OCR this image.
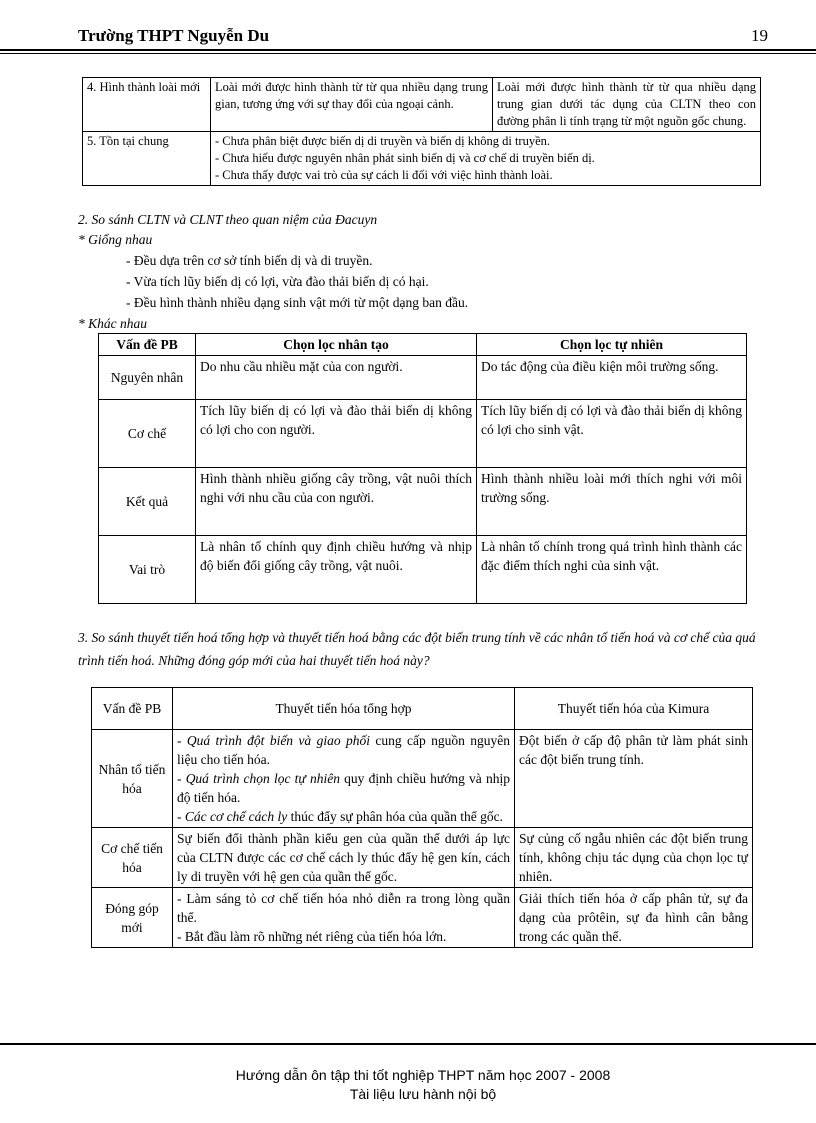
Trường THPT Nguyễn Du	19
4. Hình thành loài mới	Loài mới được hình thành từ từ qua nhiều dạng trung gian, tương ứng với sự thay đổi của ngoại cảnh.	Loài mới được hình thành từ từ qua nhiều dạng trung gian dưới tác dụng của CLTN theo con đường phân li tính trạng từ một nguồn gốc chung.
5. Tồn tại chung	- Chưa phân biệt được biến dị di truyền và biến dị không di truyền.
- Chưa hiểu được nguyên nhân phát sinh biến dị và cơ chế di truyền biến dị.
- Chưa thấy được vai trò của sự cách li đối với việc hình thành loài.	
2. So sánh CLTN và CLNT theo quan niệm của Đacuyn
* Giống nhau
- Đều dựa trên cơ sở tính biến dị và di truyền.
- Vừa tích lũy biến dị có lợi, vừa đào thải biến dị có hại.
- Đều hình thành nhiều dạng sinh vật mới từ một dạng ban đầu.
* Khác nhau
Vấn đề PB	Chọn lọc nhân tạo	Chọn lọc tự nhiên
Nguyên nhân	Do nhu cầu nhiều mặt của con người.	Do tác động của điều kiện môi trường sống.
Cơ chế	Tích lũy biến dị có lợi và đào thải biến dị không có lợi cho con người.	Tích lũy biến dị có lợi và đào thải biến dị không có lợi cho sinh vật.
Kết quả	Hình thành nhiều giống cây trồng, vật nuôi thích nghi với nhu cầu của con người.	Hình thành nhiều loài mới thích nghi với môi trường sống.
Vai trò	Là nhân tố chính quy định chiều hướng và nhịp độ biến đổi giống cây trồng, vật nuôi.	Là nhân tố chính trong quá trình hình thành các đặc điểm thích nghi của sinh vật.
3. So sánh thuyết tiến hoá tổng hợp và thuyết tiến hoá bằng các đột biến trung tính về các nhân tố tiến hoá và cơ chế của quá trình tiến hoá. Những đóng góp mới của hai thuyết tiến hoá này?
Vấn đề PB	Thuyết tiến hóa tổng hợp	Thuyết tiến hóa của Kimura
Nhân tố tiến hóa	- Quá trình đột biến và giao phối cung cấp nguồn nguyên liệu cho tiến hóa.
- Quá trình chọn lọc tự nhiên quy định chiều hướng và nhịp độ tiến hóa.
- Các cơ chế cách ly thúc đẩy sự phân hóa của quần thể gốc.	Đột biến ở cấp độ phân tử làm phát sinh các đột biến trung tính.
Cơ chế tiến hóa	Sự biến đổi thành phần kiểu gen của quần thể dưới áp lực của CLTN được các cơ chế cách ly thúc đẩy hệ gen kín, cách ly di truyền với hệ gen của quần thể gốc.	Sự củng cố ngẫu nhiên các đột biến trung tính, không chịu tác dụng của chọn lọc tự nhiên.
Đóng góp mới	- Làm sáng tỏ cơ chế tiến hóa nhỏ diễn ra trong lòng quần thể.
- Bắt đầu làm rõ những nét riêng của tiến hóa lớn.	Giải thích tiến hóa ở cấp phân tử, sự đa dạng của prôtêin, sự đa hình cân bằng trong các quần thể.
Hướng dẫn ôn tập thi tốt nghiệp THPT năm học 2007 - 2008
Tài liệu lưu hành nội bộ
